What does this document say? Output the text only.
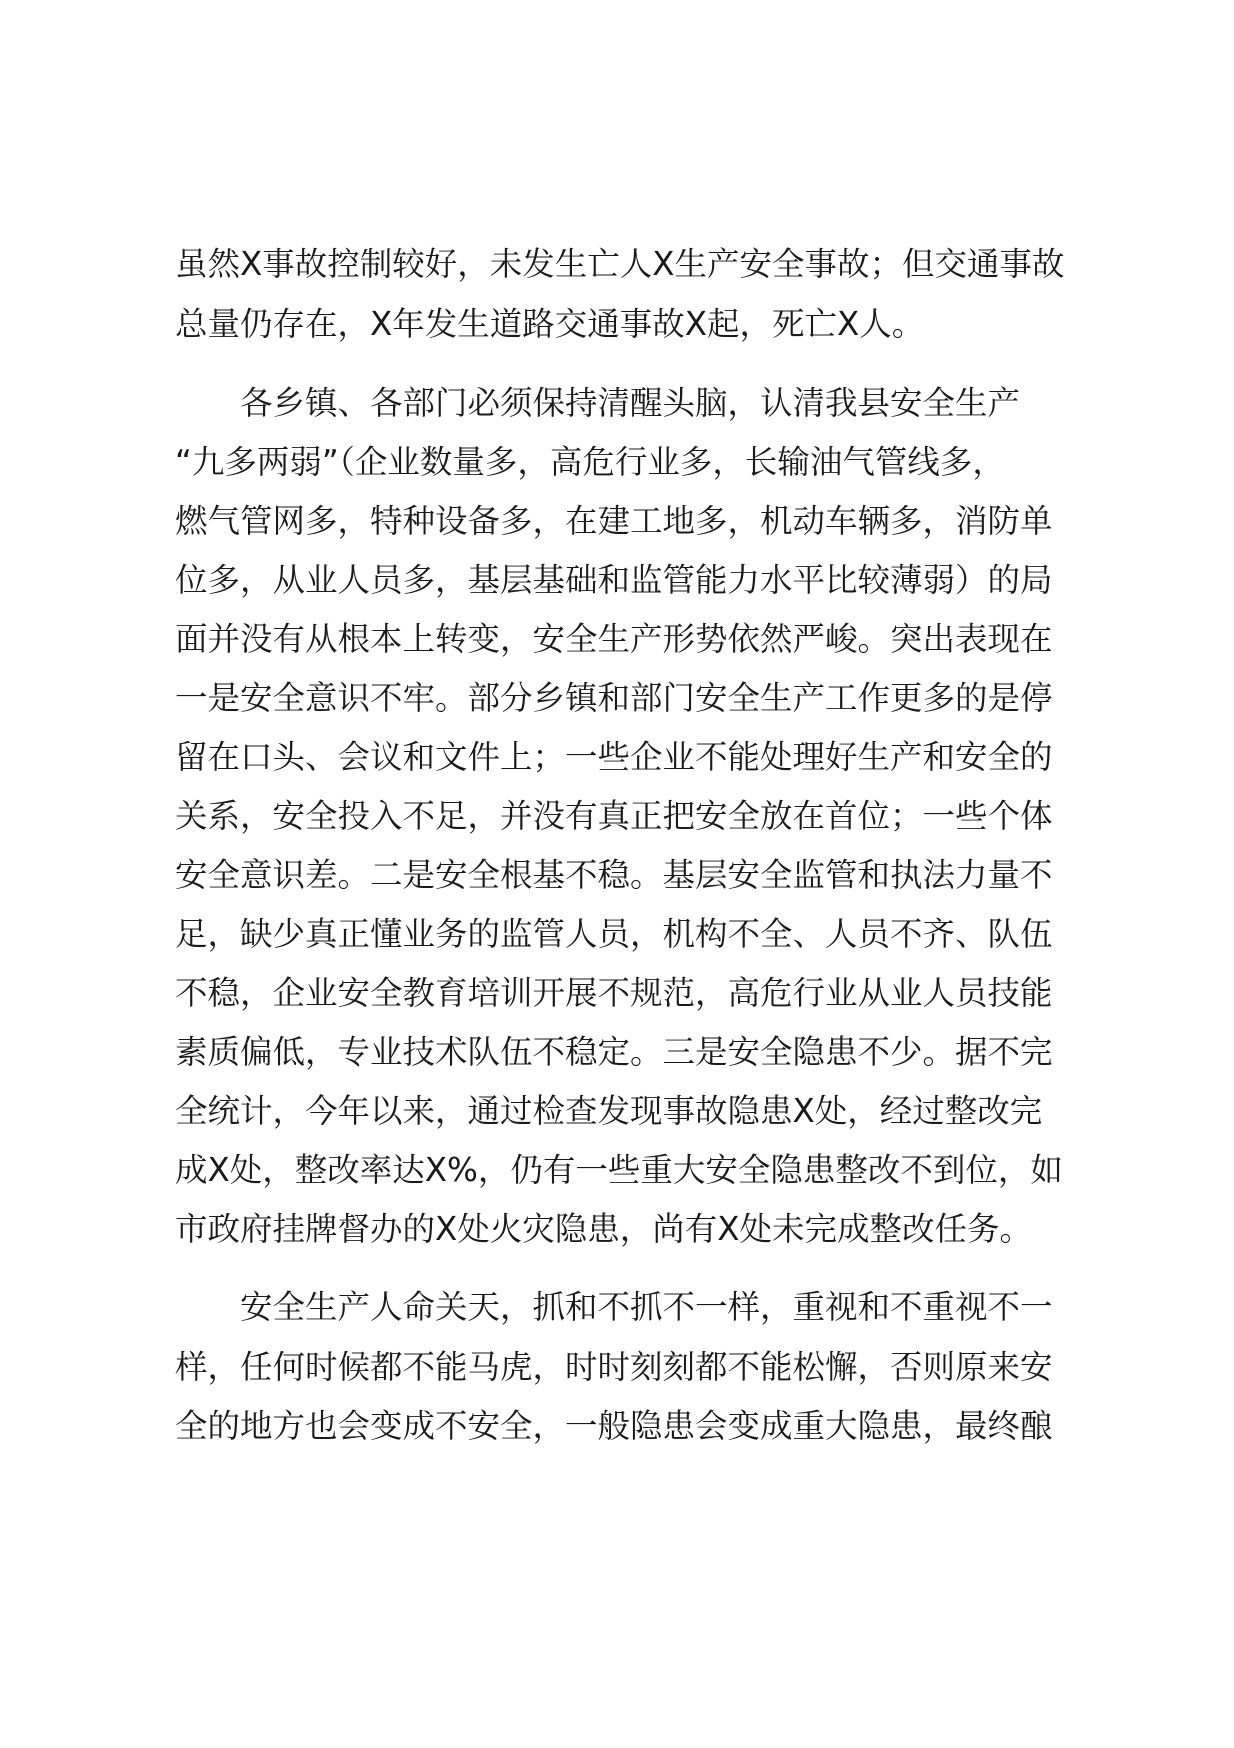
虽然X事故控制较好，未发生亡人X生产安全事故；但交通事故
总量仍存在，X年发生道路交通事故X起，死亡X人。
各乡镇、各部门必须保持清醒头脑，认清我县安全生产
“九多两弱”（企业数量多，高危行业多，长输油气管线多，
燃气管网多，特种设备多，在建工地多，机动车辆多，消防单
位多，从业人员多，基层基础和监管能力水平比较薄弱）的局
面并没有从根本上转变，安全生产形势依然严峻。突出表现在
一是安全意识不牢。部分乡镇和部门安全生产工作更多的是停
留在口头、会议和文件上；一些企业不能处理好生产和安全的
关系，安全投入不足，并没有真正把安全放在首位；一些个体
安全意识差。二是安全根基不稳。基层安全监管和执法力量不
足，缺少真正懂业务的监管人员，机构不全、人员不齐、队伍
不稳，企业安全教育培训开展不规范，高危行业从业人员技能
素质偏低，专业技术队伍不稳定。三是安全隐患不少。据不完
全统计，今年以来，通过检查发现事故隐患X处，经过整改完
成X处，整改率达X%，仍有一些重大安全隐患整改不到位，如
市政府挂牌督办的X处火灾隐患，尚有X处未完成整改任务。
安全生产人命关天，抓和不抓不一样，重视和不重视不一
样，任何时候都不能马虎，时时刻刻都不能松懈，否则原来安
全的地方也会变成不安全，一般隐患会变成重大隐患，最终酿
